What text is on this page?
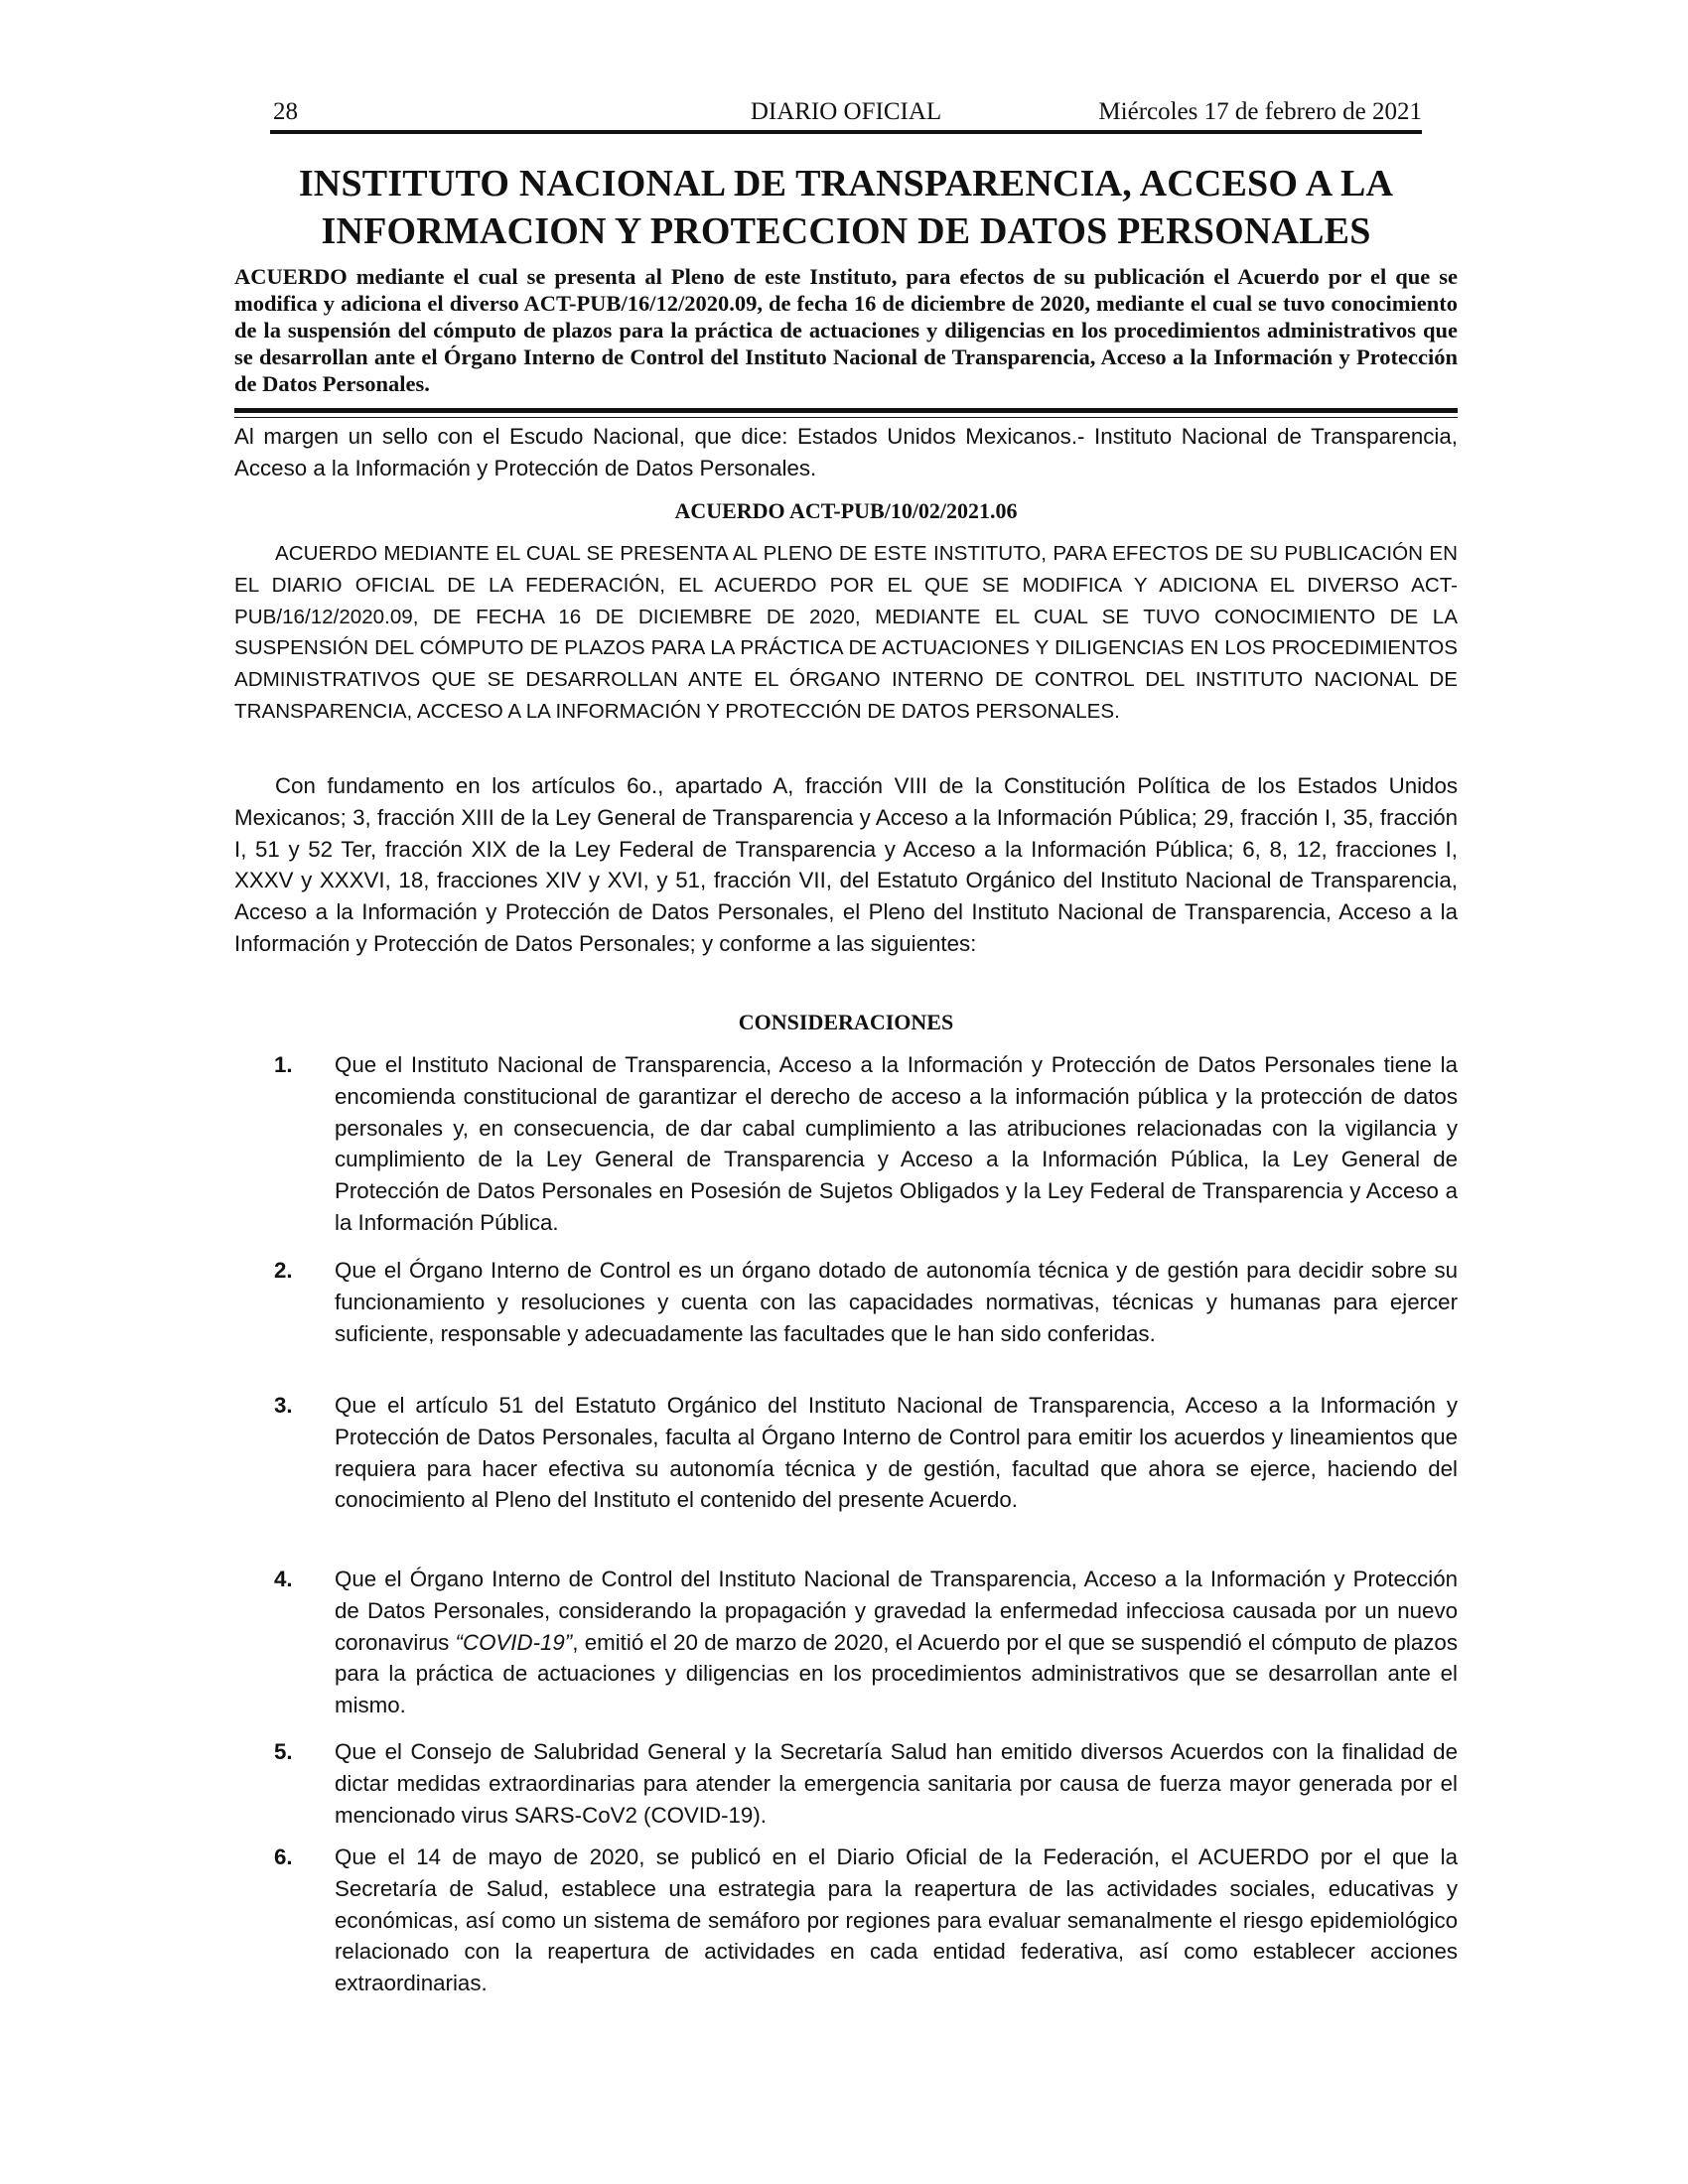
28	DIARIO OFICIAL	Miércoles 17 de febrero de 2021
INSTITUTO NACIONAL DE TRANSPARENCIA, ACCESO A LA INFORMACION Y PROTECCION DE DATOS PERSONALES

ACUERDO mediante el cual se presenta al Pleno de este Instituto, para efectos de su publicación el Acuerdo por el que se modifica y adiciona el diverso ACT-PUB/16/12/2020.09, de fecha 16 de diciembre de 2020, mediante el cual se tuvo conocimiento de la suspensión del cómputo de plazos para la práctica de actuaciones y diligencias en los procedimientos administrativos que se desarrollan ante el Órgano Interno de Control del Instituto Nacional de Transparencia, Acceso a la Información y Protección de Datos Personales.

Al margen un sello con el Escudo Nacional, que dice: Estados Unidos Mexicanos.- Instituto Nacional de Transparencia, Acceso a la Información y Protección de Datos Personales.

ACUERDO ACT-PUB/10/02/2021.06

ACUERDO MEDIANTE EL CUAL SE PRESENTA AL PLENO DE ESTE INSTITUTO, PARA EFECTOS DE SU PUBLICACIÓN EN EL DIARIO OFICIAL DE LA FEDERACIÓN, EL ACUERDO POR EL QUE SE MODIFICA Y ADICIONA EL DIVERSO ACT-PUB/16/12/2020.09, DE FECHA 16 DE DICIEMBRE DE 2020, MEDIANTE EL CUAL SE TUVO CONOCIMIENTO DE LA SUSPENSIÓN DEL CÓMPUTO DE PLAZOS PARA LA PRÁCTICA DE ACTUACIONES Y DILIGENCIAS EN LOS PROCEDIMIENTOS ADMINISTRATIVOS QUE SE DESARROLLAN ANTE EL ÓRGANO INTERNO DE CONTROL DEL INSTITUTO NACIONAL DE TRANSPARENCIA, ACCESO A LA INFORMACIÓN Y PROTECCIÓN DE DATOS PERSONALES.

Con fundamento en los artículos 6o., apartado A, fracción VIII de la Constitución Política de los Estados Unidos Mexicanos; 3, fracción XIII de la Ley General de Transparencia y Acceso a la Información Pública; 29, fracción I, 35, fracción I, 51 y 52 Ter, fracción XIX de la Ley Federal de Transparencia y Acceso a la Información Pública; 6, 8, 12, fracciones I, XXXV y XXXVI, 18, fracciones XIV y XVI, y 51, fracción VII, del Estatuto Orgánico del Instituto Nacional de Transparencia, Acceso a la Información y Protección de Datos Personales, el Pleno del Instituto Nacional de Transparencia, Acceso a la Información y Protección de Datos Personales; y conforme a las siguientes:

CONSIDERACIONES
1. Que el Instituto Nacional de Transparencia, Acceso a la Información y Protección de Datos Personales tiene la encomienda constitucional de garantizar el derecho de acceso a la información pública y la protección de datos personales y, en consecuencia, de dar cabal cumplimiento a las atribuciones relacionadas con la vigilancia y cumplimiento de la Ley General de Transparencia y Acceso a la Información Pública, la Ley General de Protección de Datos Personales en Posesión de Sujetos Obligados y la Ley Federal de Transparencia y Acceso a la Información Pública.

2. Que el Órgano Interno de Control es un órgano dotado de autonomía técnica y de gestión para decidir sobre su funcionamiento y resoluciones y cuenta con las capacidades normativas, técnicas y humanas para ejercer suficiente, responsable y adecuadamente las facultades que le han sido conferidas.

3. Que el artículo 51 del Estatuto Orgánico del Instituto Nacional de Transparencia, Acceso a la Información y Protección de Datos Personales, faculta al Órgano Interno de Control para emitir los acuerdos y lineamientos que requiera para hacer efectiva su autonomía técnica y de gestión, facultad que ahora se ejerce, haciendo del conocimiento al Pleno del Instituto el contenido del presente Acuerdo.

4. Que el Órgano Interno de Control del Instituto Nacional de Transparencia, Acceso a la Información y Protección de Datos Personales, considerando la propagación y gravedad la enfermedad infecciosa causada por un nuevo coronavirus “COVID-19”, emitió el 20 de marzo de 2020, el Acuerdo por el que se suspendió el cómputo de plazos para la práctica de actuaciones y diligencias en los procedimientos administrativos que se desarrollan ante el mismo.

5. Que el Consejo de Salubridad General y la Secretaría Salud han emitido diversos Acuerdos con la finalidad de dictar medidas extraordinarias para atender la emergencia sanitaria por causa de fuerza mayor generada por el mencionado virus SARS-CoV2 (COVID-19).

6. Que el 14 de mayo de 2020, se publicó en el Diario Oficial de la Federación, el ACUERDO por el que la Secretaría de Salud, establece una estrategia para la reapertura de las actividades sociales, educativas y económicas, así como un sistema de semáforo por regiones para evaluar semanalmente el riesgo epidemiológico relacionado con la reapertura de actividades en cada entidad federativa, así como establecer acciones extraordinarias.
